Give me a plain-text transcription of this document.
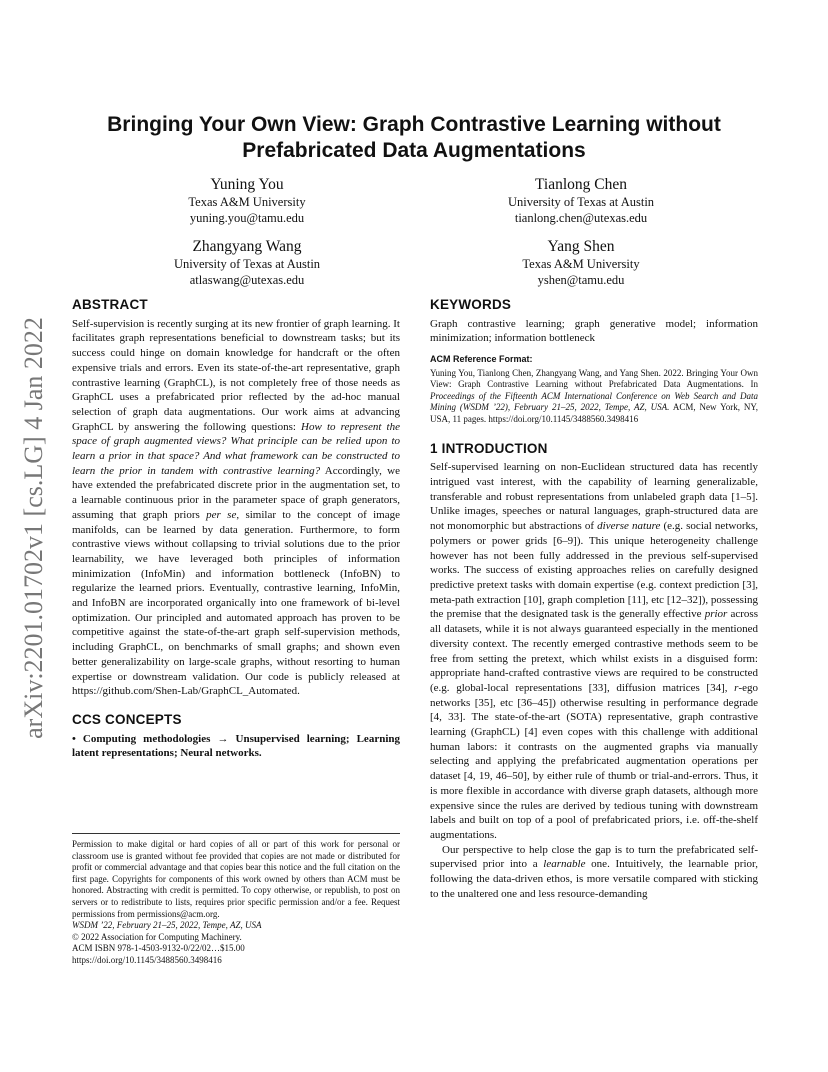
arXiv:2201.01702v1 [cs.LG] 4 Jan 2022
Bringing Your Own View: Graph Contrastive Learning without
Prefabricated Data Augmentations
Yuning You
Texas A&M University
yuning.you@tamu.edu
Tianlong Chen
University of Texas at Austin
tianlong.chen@utexas.edu
Zhangyang Wang
University of Texas at Austin
atlaswang@utexas.edu
Yang Shen
Texas A&M University
yshen@tamu.edu
ABSTRACT

Self-supervision is recently surging at its new frontier of graph learning. It facilitates graph representations beneficial to downstream tasks; but its success could hinge on domain knowledge for handcraft or the often expensive trials and errors. Even its state-of-the-art representative, graph contrastive learning (GraphCL), is not completely free of those needs as GraphCL uses a prefabricated prior reflected by the ad-hoc manual selection of graph data augmentations. Our work aims at advancing GraphCL by answering the following questions: How to represent the space of graph augmented views? What principle can be relied upon to learn a prior in that space? And what framework can be constructed to learn the prior in tandem with contrastive learning? Accordingly, we have extended the prefabricated discrete prior in the augmentation set, to a learnable continuous prior in the parameter space of graph generators, assuming that graph priors per se, similar to the concept of image manifolds, can be learned by data generation. Furthermore, to form contrastive views without collapsing to trivial solutions due to the prior learnability, we have leveraged both principles of information minimization (InfoMin) and information bottleneck (InfoBN) to regularize the learned priors. Eventually, contrastive learning, InfoMin, and InfoBN are incorporated organically into one framework of bi-level optimization. Our principled and automated approach has proven to be competitive against the state-of-the-art graph self-supervision methods, including GraphCL, on benchmarks of small graphs; and shown even better generalizability on large-scale graphs, without resorting to human expertise or downstream validation. Our code is publicly released at https://github.com/Shen-Lab/GraphCL_Automated.

CCS CONCEPTS

• Computing methodologies → Unsupervised learning; Learning latent representations; Neural networks.

Permission to make digital or hard copies of all or part of this work for personal or classroom use is granted without fee provided that copies are not made or distributed for profit or commercial advantage and that copies bear this notice and the full citation on the first page. Copyrights for components of this work owned by others than ACM must be honored. Abstracting with credit is permitted. To copy otherwise, or republish, to post on servers or to redistribute to lists, requires prior specific permission and/or a fee. Request permissions from permissions@acm.org.

WSDM ’22, February 21–25, 2022, Tempe, AZ, USA

© 2022 Association for Computing Machinery.

ACM ISBN 978-1-4503-9132-0/22/02…$15.00

https://doi.org/10.1145/3488560.3498416

KEYWORDS

Graph contrastive learning; graph generative model; information minimization; information bottleneck

ACM Reference Format:

Yuning You, Tianlong Chen, Zhangyang Wang, and Yang Shen. 2022. Bringing Your Own View: Graph Contrastive Learning without Prefabricated Data Augmentations. In Proceedings of the Fifteenth ACM International Conference on Web Search and Data Mining (WSDM ’22), February 21–25, 2022, Tempe, AZ, USA. ACM, New York, NY, USA, 11 pages. https://doi.org/10.1145/3488560.3498416

1 INTRODUCTION

Self-supervised learning on non-Euclidean structured data has recently intrigued vast interest, with the capability of learning generalizable, transferable and robust representations from unlabeled graph data [1–5]. Unlike images, speeches or natural languages, graph-structured data are not monomorphic but abstractions of diverse nature (e.g. social networks, polymers or power grids [6–9]). This unique heterogeneity challenge however has not been fully addressed in the previous self-supervised works. The success of existing approaches relies on carefully designed predictive pretext tasks with domain expertise (e.g. context prediction [3], meta-path extraction [10], graph completion [11], etc [12–32]), possessing the premise that the designated task is the generally effective prior across all datasets, while it is not always guaranteed especially in the mentioned diversity context. The recently emerged contrastive methods seem to be free from setting the pretext, which whilst exists in a disguised form: appropriate hand-crafted contrastive views are required to be constructed (e.g. global-local representations [33], diffusion matrices [34], r-ego networks [35], etc [36–45]) otherwise resulting in performance degrade [4, 33]. The state-of-the-art (SOTA) representative, graph contrastive learning (GraphCL) [4] even copes with this challenge with additional human labors: it contrasts on the augmented graphs via manually selecting and applying the prefabricated augmentation operations per dataset [4, 19, 46–50], by either rule of thumb or trial-and-errors. Thus, it is more flexible in accordance with diverse graph datasets, although more expensive since the rules are derived by tedious tuning with downstream labels and built on top of a pool of prefabricated priors, i.e. off-the-shelf augmentations.

Our perspective to help close the gap is to turn the prefabricated self-supervised prior into a learnable one. Intuitively, the learnable prior, following the data-driven ethos, is more versatile compared with sticking to the unaltered one and less resource-demanding
